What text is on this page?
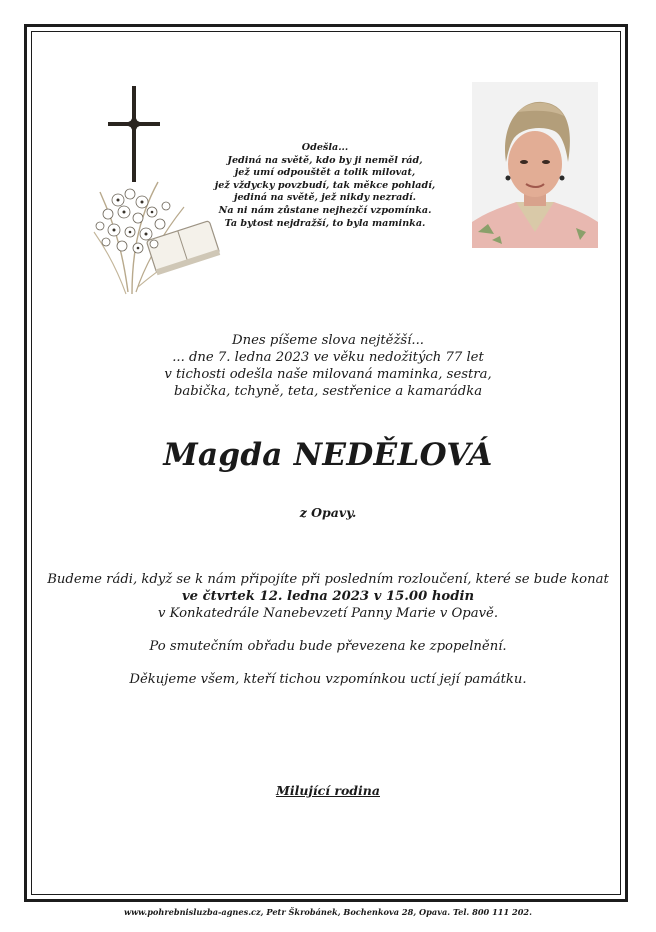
Odešla...
Jediná na světě, kdo by ji neměl rád,
jež umí odpouštět a tolik milovat,
jež vždycky povzbudí, tak měkce pohladí,
jediná na světě, jež nikdy nezradí.
Na ni nám zůstane nejhezčí vzpomínka.
Ta bytost nejdražší, to byla maminka.
Dnes píšeme slova nejtěžší...
... dne 7. ledna 2023 ve věku nedožitých 77 let
v tichosti odešla naše milovaná maminka, sestra,
babička, tchyně, teta, sestřenice a kamarádka
Magda NEDĚLOVÁ
z Opavy.
Budeme rádi, když se k nám připojíte při posledním rozloučení, které se bude konat
ve čtvrtek 12. ledna 2023 v 15.00 hodin
v Konkatedrále Nanebevzetí Panny Marie v Opavě.
Po smutečním obřadu bude převezena ke zpopelnění.
Děkujeme všem, kteří tichou vzpomínkou uctí její památku.
Milující rodina
www.pohrebnisluzba-agnes.cz, Petr Škrobánek, Bochenkova 28, Opava. Tel. 800 111 202.
